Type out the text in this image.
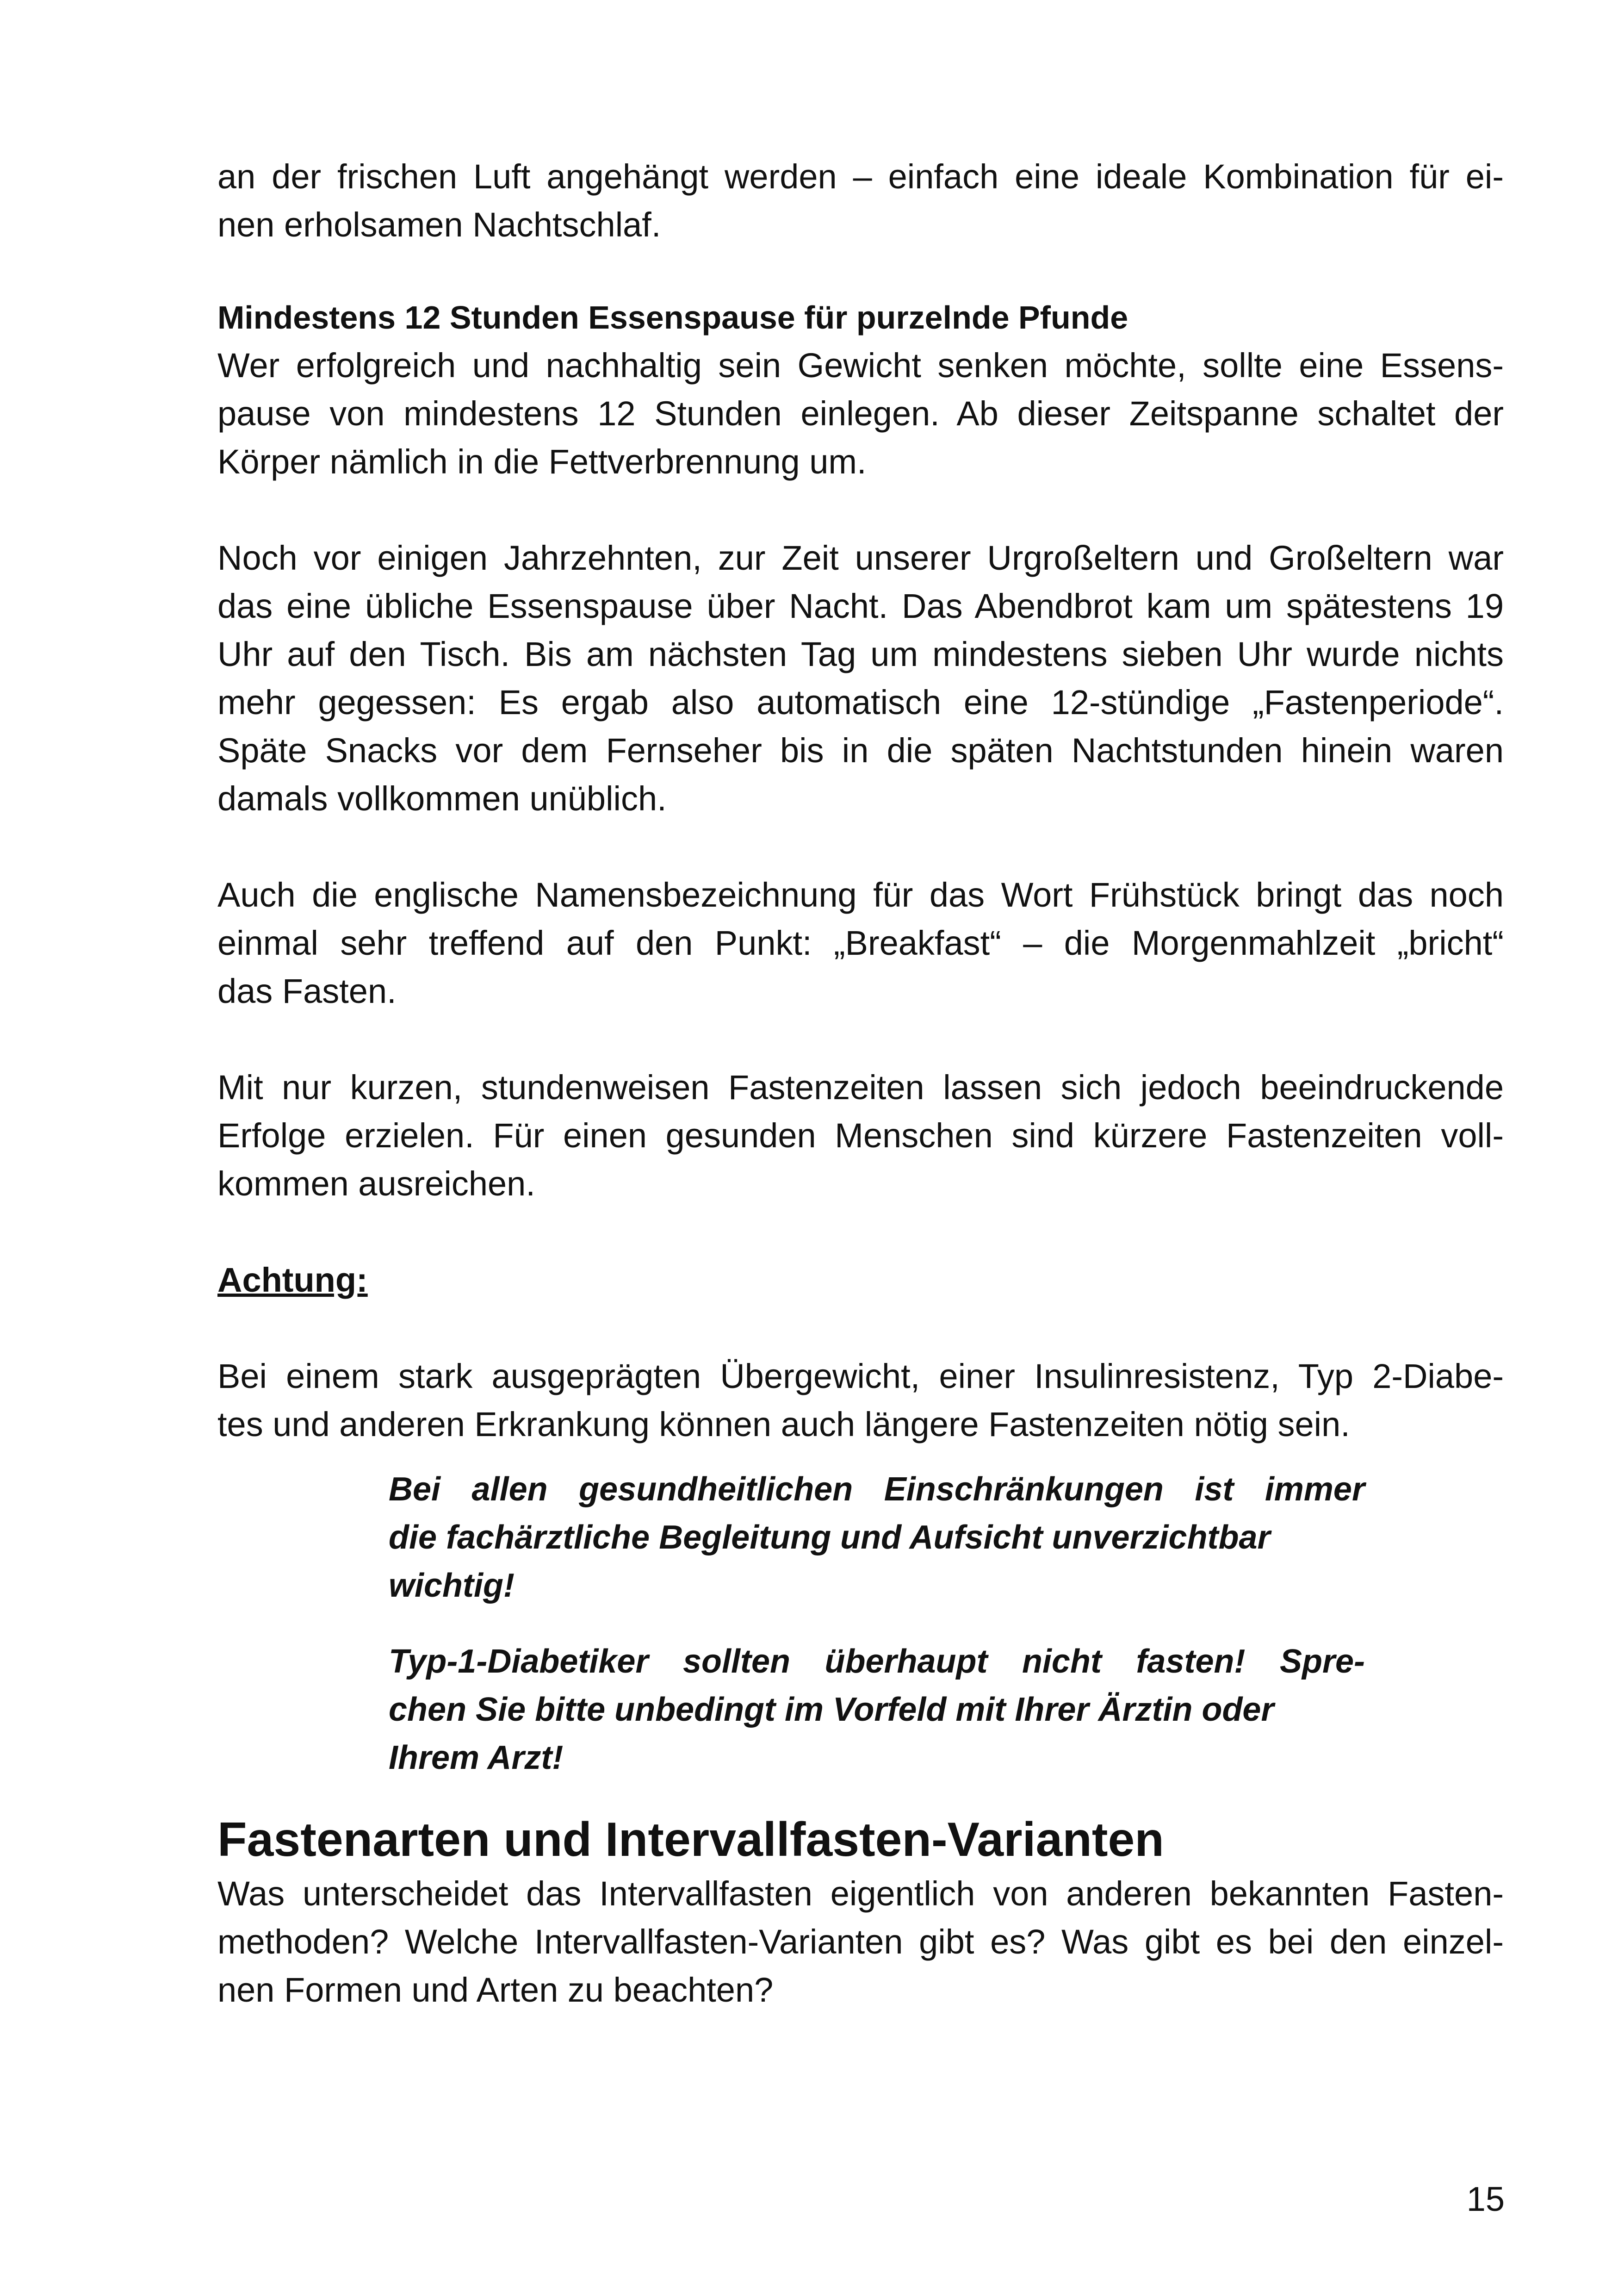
an der frischen Luft angehängt werden – einfach eine ideale Kombination für ei-
nen erholsamen Nachtschlaf.
Mindestens 12 Stunden Essenspause für purzelnde Pfunde
Wer erfolgreich und nachhaltig sein Gewicht senken möchte, sollte eine Essens-
pause von mindestens 12 Stunden einlegen. Ab dieser Zeitspanne schaltet der
Körper nämlich in die Fettverbrennung um.
Noch vor einigen Jahrzehnten, zur Zeit unserer Urgroßeltern und Großeltern war
das eine übliche Essenspause über Nacht. Das Abendbrot kam um spätestens 19
Uhr auf den Tisch. Bis am nächsten Tag um mindestens sieben Uhr wurde nichts
mehr gegessen: Es ergab also automatisch eine 12-stündige „Fastenperiode“.
Späte Snacks vor dem Fernseher bis in die späten Nachtstunden hinein waren
damals vollkommen unüblich.
Auch die englische Namensbezeichnung für das Wort Frühstück bringt das noch
einmal sehr treffend auf den Punkt: „Breakfast“ – die Morgenmahlzeit „bricht“
das Fasten.
Mit nur kurzen, stundenweisen Fastenzeiten lassen sich jedoch beeindruckende
Erfolge erzielen. Für einen gesunden Menschen sind kürzere Fastenzeiten voll-
kommen ausreichen.
Achtung:
Bei einem stark ausgeprägten Übergewicht, einer Insulinresistenz, Typ 2-Diabe-
tes und anderen Erkrankung können auch längere Fastenzeiten nötig sein.
Bei allen gesundheitlichen Einschränkungen ist immer
die fachärztliche Begleitung und Aufsicht unverzichtbar
wichtig!
Typ-1-Diabetiker sollten überhaupt nicht fasten! Spre-
chen Sie bitte unbedingt im Vorfeld mit Ihrer Ärztin oder
Ihrem Arzt!
Fastenarten und Intervallfasten-Varianten
Was unterscheidet das Intervallfasten eigentlich von anderen bekannten Fasten-
methoden? Welche Intervallfasten-Varianten gibt es? Was gibt es bei den einzel-
nen Formen und Arten zu beachten?
15
